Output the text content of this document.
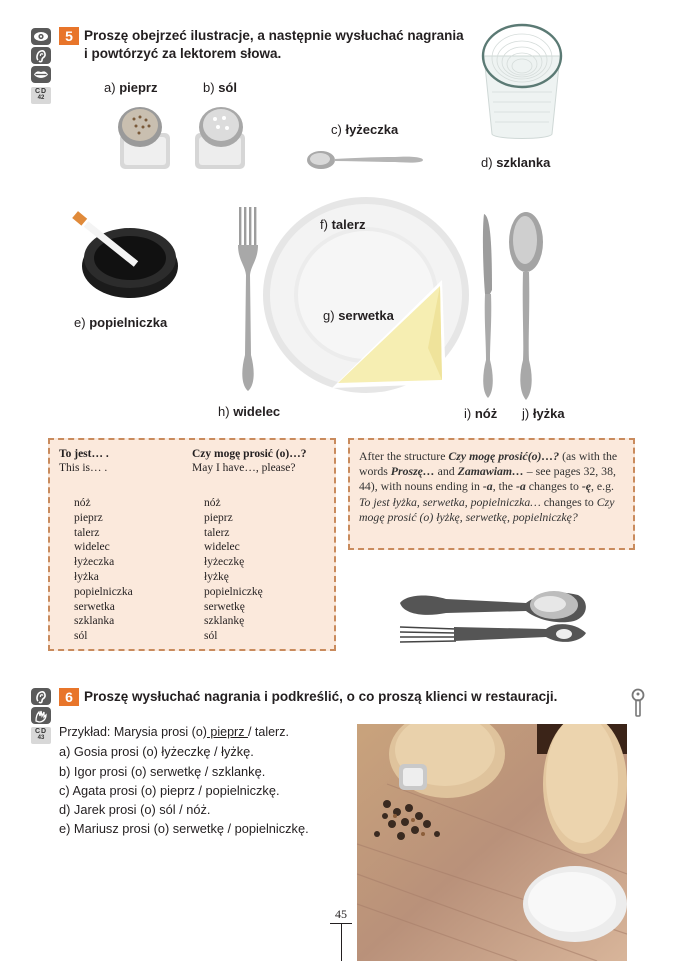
CD
42
5 Proszę obejrzeć ilustracje, a następnie wysłuchać nagrania
i powtórzyć za lektorem słowa.
a) pieprz	b) sól
c) łyżeczka
d) szklanka
e) popielniczka
h) widelec
f) talerz
g) serwetka
i) nóż j) łyżka
To jest… .
This is… .
nóż
pieprz
talerz
widelec
łyżeczka
łyżka
popielniczka
serwetka
szklanka
sól
Czy mogę prosić (o)…?
May I have…, please?
nóż
pieprz
talerz
widelec
łyżeczkę
łyżkę
popielniczkę
serwetkę
szklankę
sól

After the structure Czy mogę prosić(o)…? (as with the words Proszę… and Zamawiam… – see pages 32, 38, 44), with nouns ending in -a, the -a changes to -ę, e.g. To jest łyżka, serwetka, popielniczka… changes to Czy mogę prosić (o) łyżkę, serwetkę, popielniczkę?

CD
43
6 Proszę wysłuchać nagrania i podkreślić, o co proszą klienci w restauracji.
Przykład: Marysia prosi (o) pieprz / talerz.
a) Gosia prosi (o) łyżeczkę / łyżkę.
b) Igor prosi (o) serwetkę / szklankę.
c) Agata prosi (o) pieprz / popielniczkę.
d) Jarek prosi (o) sól / nóż.
e) Mariusz prosi (o) serwetkę / popielniczkę.
45
